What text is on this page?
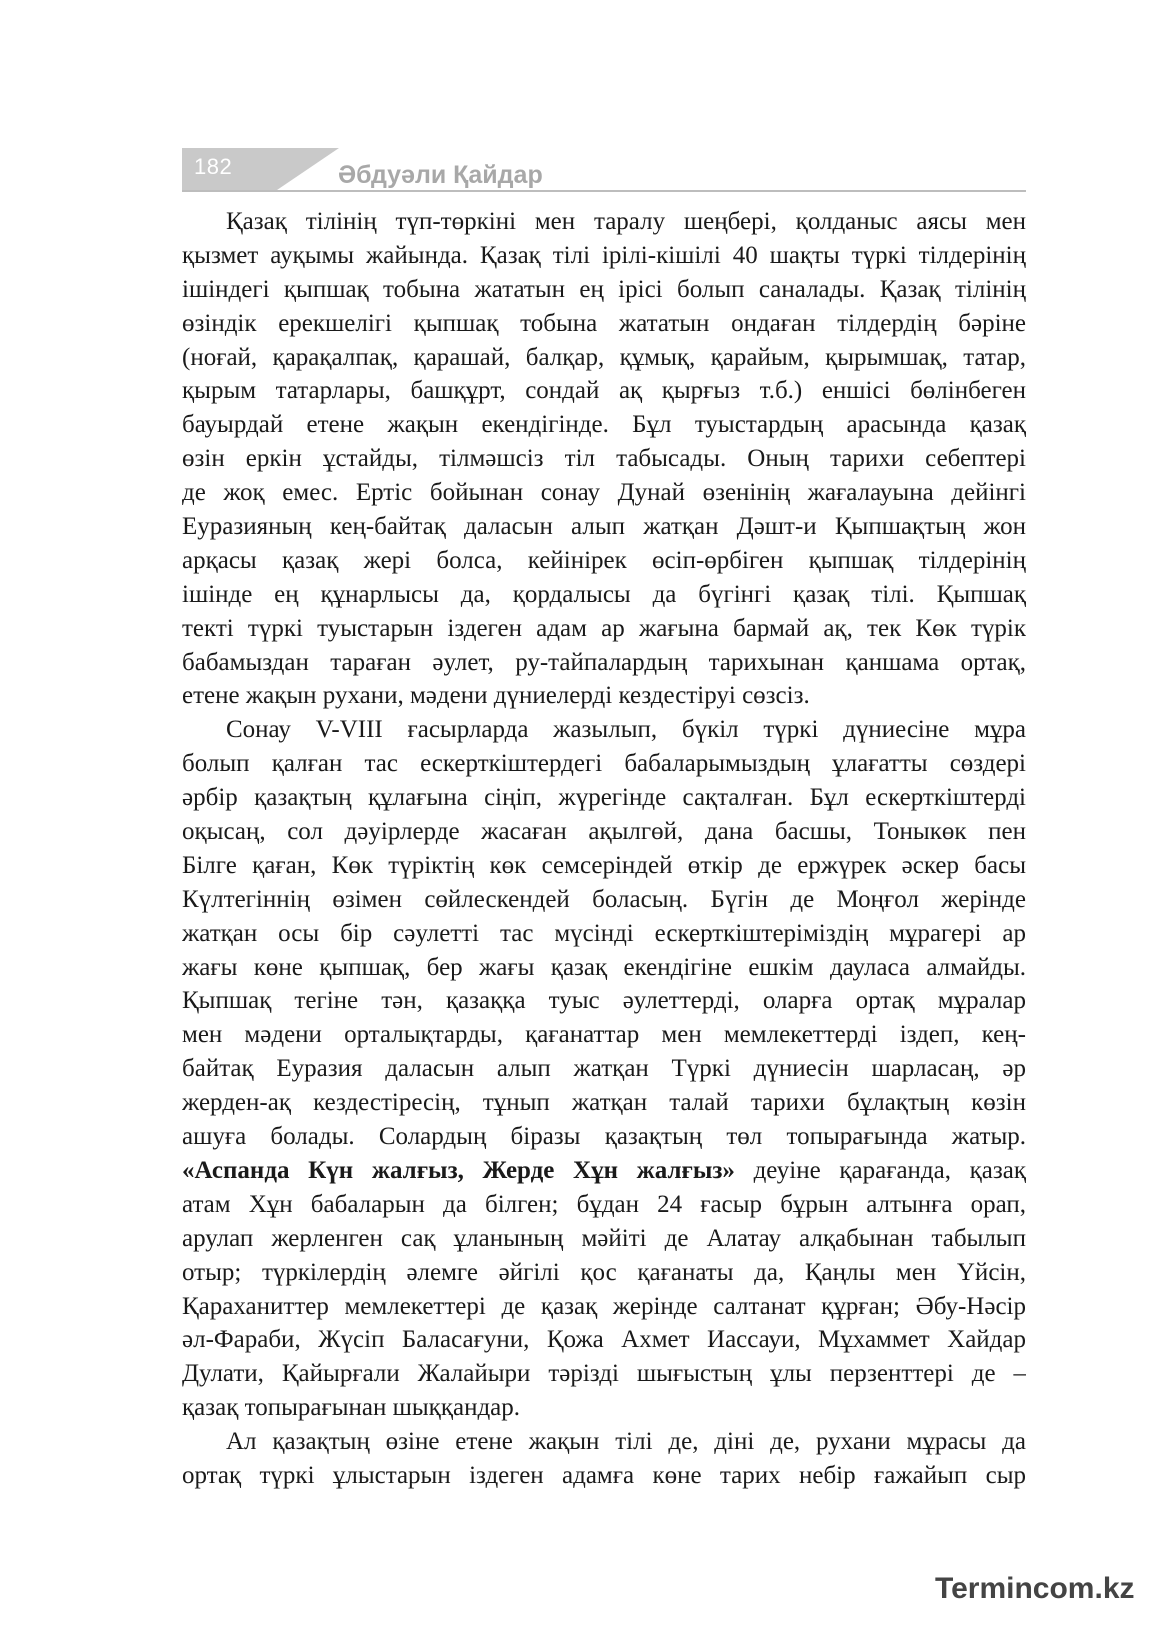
182	Әбдуәли Қайдар
Қазақ тілінің түп-төркіні мен таралу шеңбері, қолданыс аясы мен
қызмет ауқымы жайында. Қазақ тілі ірілі-кішілі 40 шақты түркі тілдерінің
ішіндегі қыпшақ тобына жататын ең ірісі болып саналады. Қазақ тілінің
өзіндік ерекшелігі қыпшақ тобына жататын ондаған тілдердің бәріне
(ноғай, қарақалпақ, қарашай, балқар, құмық, қарайым, қырымшақ, татар,
қырым татарлары, башқұрт, сондай ақ қырғыз т.б.) еншісі бөлінбеген
бауырдай етене жақын екендігінде. Бұл туыстардың арасында қазақ
өзін еркін ұстайды, тілмәшсіз тіл табысады. Оның тарихи себептері
де жоқ емес. Ертіс бойынан сонау Дунай өзенінің жағалауына дейінгі
Еуразияның кең-байтақ даласын алып жатқан Дәшт-и Қыпшақтың жон
арқасы қазақ жері болса, кейінірек өсіп-өрбіген қыпшақ тілдерінің
ішінде ең құнарлысы да, қордалысы да бүгінгі қазақ тілі. Қыпшақ
текті түркі туыстарын іздеген адам ар жағына бармай ақ, тек Көк түрік
бабамыздан тараған әулет, ру-тайпалардың тарихынан қаншама ортақ,
етене жақын рухани, мәдени дүниелерді кездестіруі сөзсіз.
Сонау V-VIII ғасырларда жазылып, бүкіл түркі дүниесіне мұра
болып қалған тас ескерткіштердегі бабаларымыздың ұлағатты сөздері
әрбір қазақтың құлағына сіңіп, жүрегінде сақталған. Бұл ескерткіштерді
оқысаң, сол дәуірлерде жасаған ақылгөй, дана басшы, Тоныкөк пен
Білге қаған, Көк түріктің көк семсеріндей өткір де ержүрек әскер басы
Күлтегіннің өзімен сөйлескендей боласың. Бүгін де Моңғол жерінде
жатқан осы бір сәулетті тас мүсінді ескерткіштеріміздің мұрагері ар
жағы көне қыпшақ, бер жағы қазақ екендігіне ешкім дауласа алмайды.
Қыпшақ тегіне тән, қазаққа туыс әулеттерді, оларға ортақ мұралар
мен мәдени орталықтарды, қағанаттар мен мемлекеттерді іздеп, кең-
байтақ Еуразия даласын алып жатқан Түркі дүниесін шарласаң, әр
жерден-ақ кездестіресің, тұнып жатқан талай тарихи бұлақтың көзін
ашуға болады. Солардың біразы қазақтың төл топырағында жатыр.
«Аспанда Күн жалғыз, Жерде Хұн жалғыз» деуіне қарағанда, қазақ
атам Хұн бабаларын да білген; бұдан 24 ғасыр бұрын алтынға орап,
арулап жерленген сақ ұланының мәйіті де Алатау алқабынан табылып
отыр; түркілердің әлемге әйгілі қос қағанаты да, Қаңлы мен Үйсін,
Қараханиттер мемлекеттері де қазақ жерінде салтанат құрған; Әбу-Нәсір
әл-Фараби, Жүсіп Баласағуни, Қожа Ахмет Иассауи, Мұхаммет Хайдар
Дулати, Қайырғали Жалайыри тәрізді шығыстың ұлы перзенттері де –
қазақ топырағынан шыққандар.
Ал қазақтың өзіне етене жақын тілі де, діні де, рухани мұрасы да
ортақ түркі ұлыстарын іздеген адамға көне тарих небір ғажайып сыр
Termincom.kz
